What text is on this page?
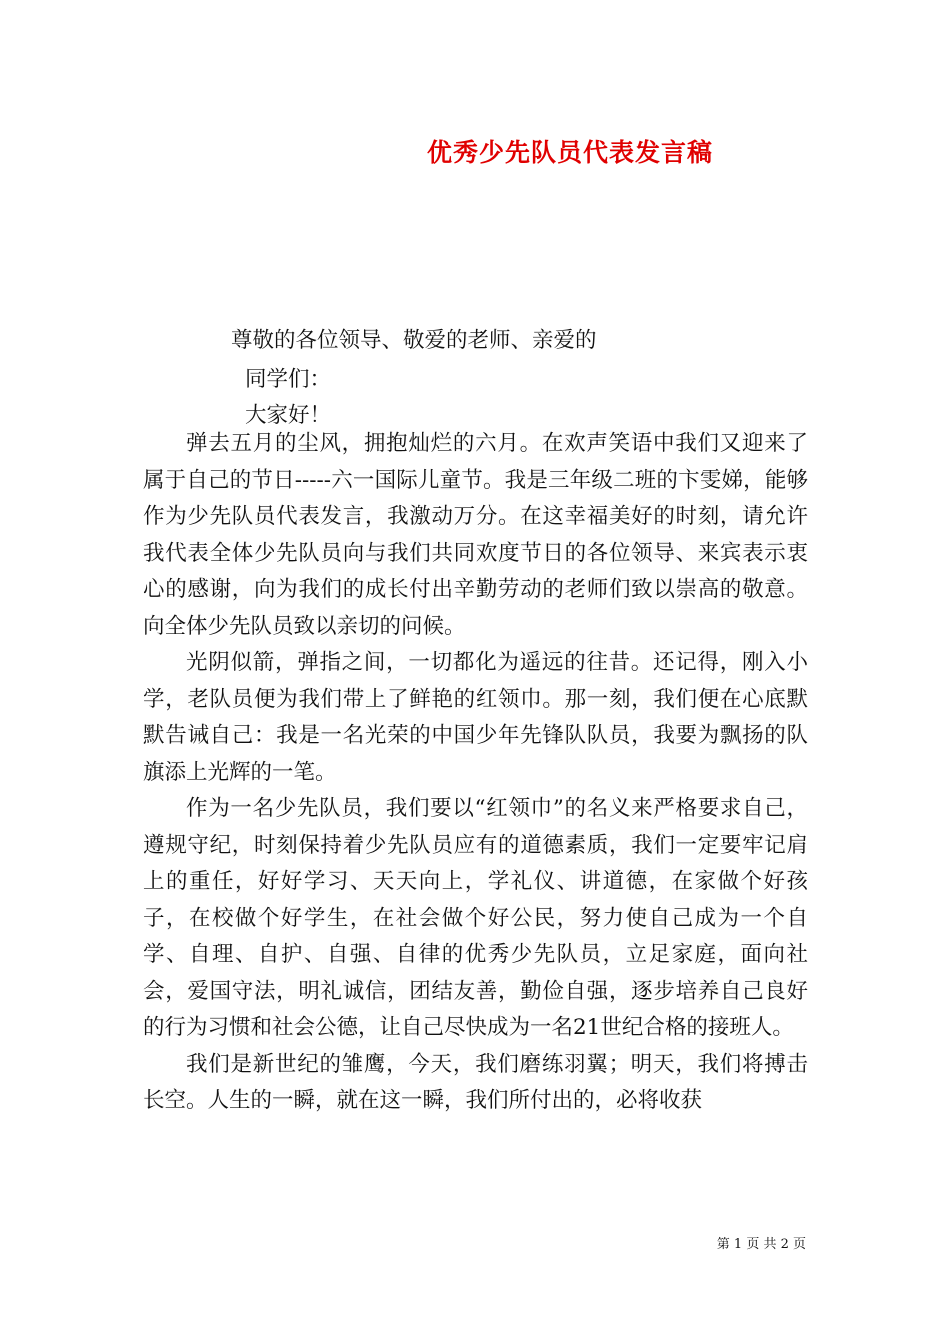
优秀少先队员代表发言稿
尊敬的各位领导、敬爱的老师、亲爱的
同学们：
大家好！

弹去五月的尘风，拥抱灿烂的六月。在欢声笑语中我们又迎来了属于自己的节日-----六一国际儿童节。我是三年级二班的卞雯娣，能够作为少先队员代表发言，我激动万分。在这幸福美好的时刻，请允许我代表全体少先队员向与我们共同欢度节日的各位领导、来宾表示衷心的感谢，向为我们的成长付出辛勤劳动的老师们致以崇高的敬意。向全体少先队员致以亲切的问候。

光阴似箭，弹指之间，一切都化为遥远的往昔。还记得，刚入小学，老队员便为我们带上了鲜艳的红领巾。那一刻，我们便在心底默默告诫自己：我是一名光荣的中国少年先锋队队员，我要为飘扬的队旗添上光辉的一笔。

作为一名少先队员，我们要以“红领巾”的名义来严格要求自己，遵规守纪，时刻保持着少先队员应有的道德素质，我们一定要牢记肩上的重任，好好学习、天天向上，学礼仪、讲道德，在家做个好孩子，在校做个好学生，在社会做个好公民，努力使自己成为一个自学、自理、自护、自强、自律的优秀少先队员，立足家庭，面向社会，爱国守法，明礼诚信，团结友善，勤俭自强，逐步培养自己良好的行为习惯和社会公德，让自己尽快成为一名21世纪合格的接班人。

我们是新世纪的雏鹰，今天，我们磨练羽翼；明天，我们将搏击长空。人生的一瞬，就在这一瞬，我们所付出的，必将收获

第 1 页 共 2 页
